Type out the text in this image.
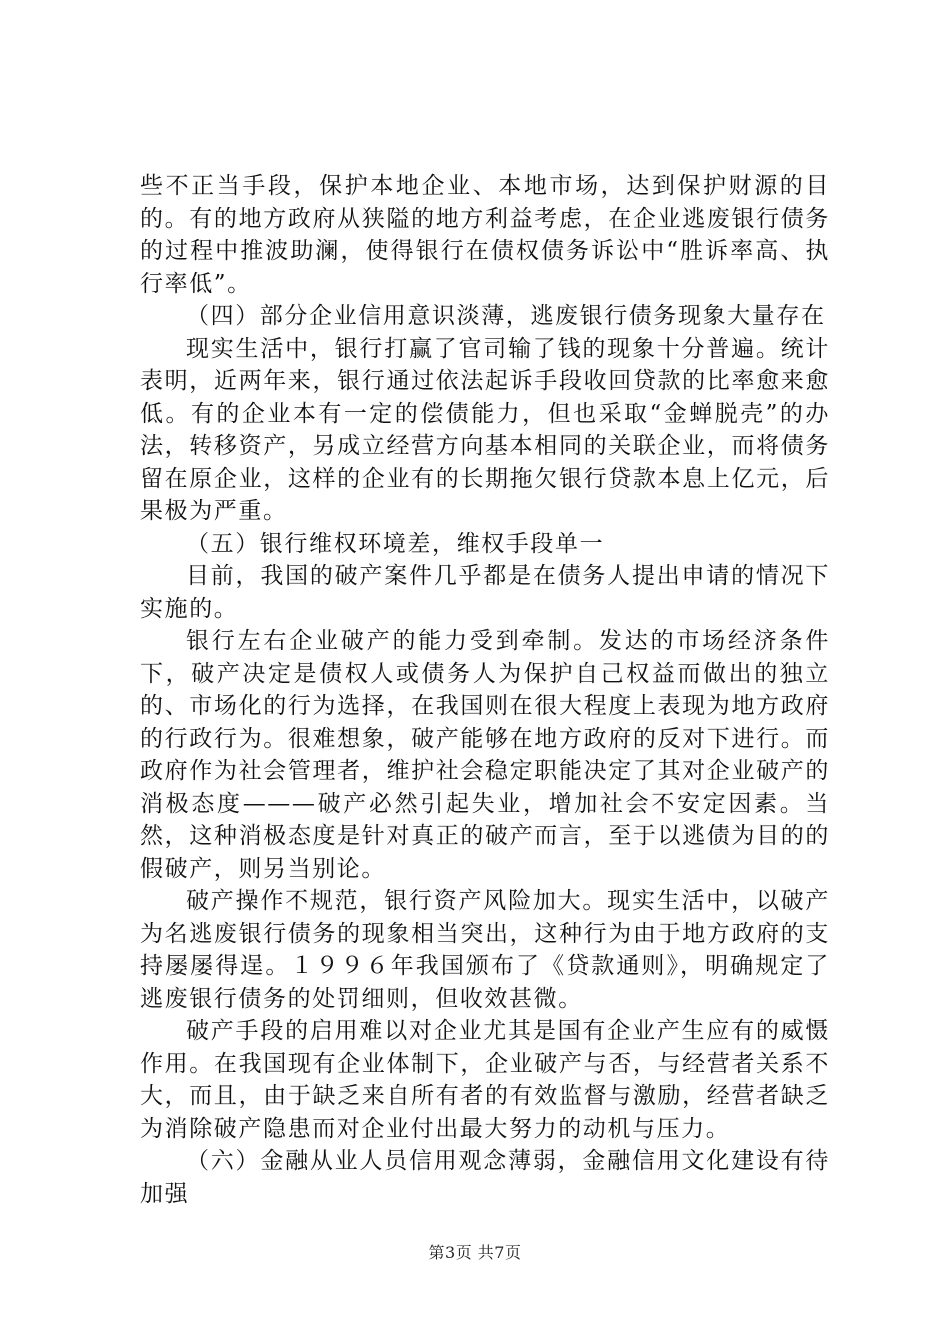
些不正当手段，保护本地企业、本地市场，达到保护财源的目的。有的地方政府从狭隘的地方利益考虑，在企业逃废银行债务的过程中推波助澜，使得银行在债权债务诉讼中“胜诉率高、执行率低”。

（四）部分企业信用意识淡薄，逃废银行债务现象大量存在

现实生活中，银行打赢了官司输了钱的现象十分普遍。统计表明，近两年来，银行通过依法起诉手段收回贷款的比率愈来愈低。有的企业本有一定的偿债能力，但也采取“金蝉脱壳”的办法，转移资产，另成立经营方向基本相同的关联企业，而将债务留在原企业，这样的企业有的长期拖欠银行贷款本息上亿元，后果极为严重。

（五）银行维权环境差，维权手段单一

目前，我国的破产案件几乎都是在债务人提出申请的情况下实施的。

银行左右企业破产的能力受到牵制。发达的市场经济条件下，破产决定是债权人或债务人为保护自己权益而做出的独立的、市场化的行为选择，在我国则在很大程度上表现为地方政府的行政行为。很难想象，破产能够在地方政府的反对下进行。而政府作为社会管理者，维护社会稳定职能决定了其对企业破产的消极态度———破产必然引起失业，增加社会不安定因素。当然，这种消极态度是针对真正的破产而言，至于以逃债为目的的假破产，则另当别论。

破产操作不规范，银行资产风险加大。现实生活中，以破产为名逃废银行债务的现象相当突出，这种行为由于地方政府的支持屡屡得逞。１９９６年我国颁布了《贷款通则》，明确规定了逃废银行债务的处罚细则，但收效甚微。

破产手段的启用难以对企业尤其是国有企业产生应有的威慑作用。在我国现有企业体制下，企业破产与否，与经营者关系不大，而且，由于缺乏来自所有者的有效监督与激励，经营者缺乏为消除破产隐患而对企业付出最大努力的动机与压力。

（六）金融从业人员信用观念薄弱，金融信用文化建设有待加强

第3页 共7页
